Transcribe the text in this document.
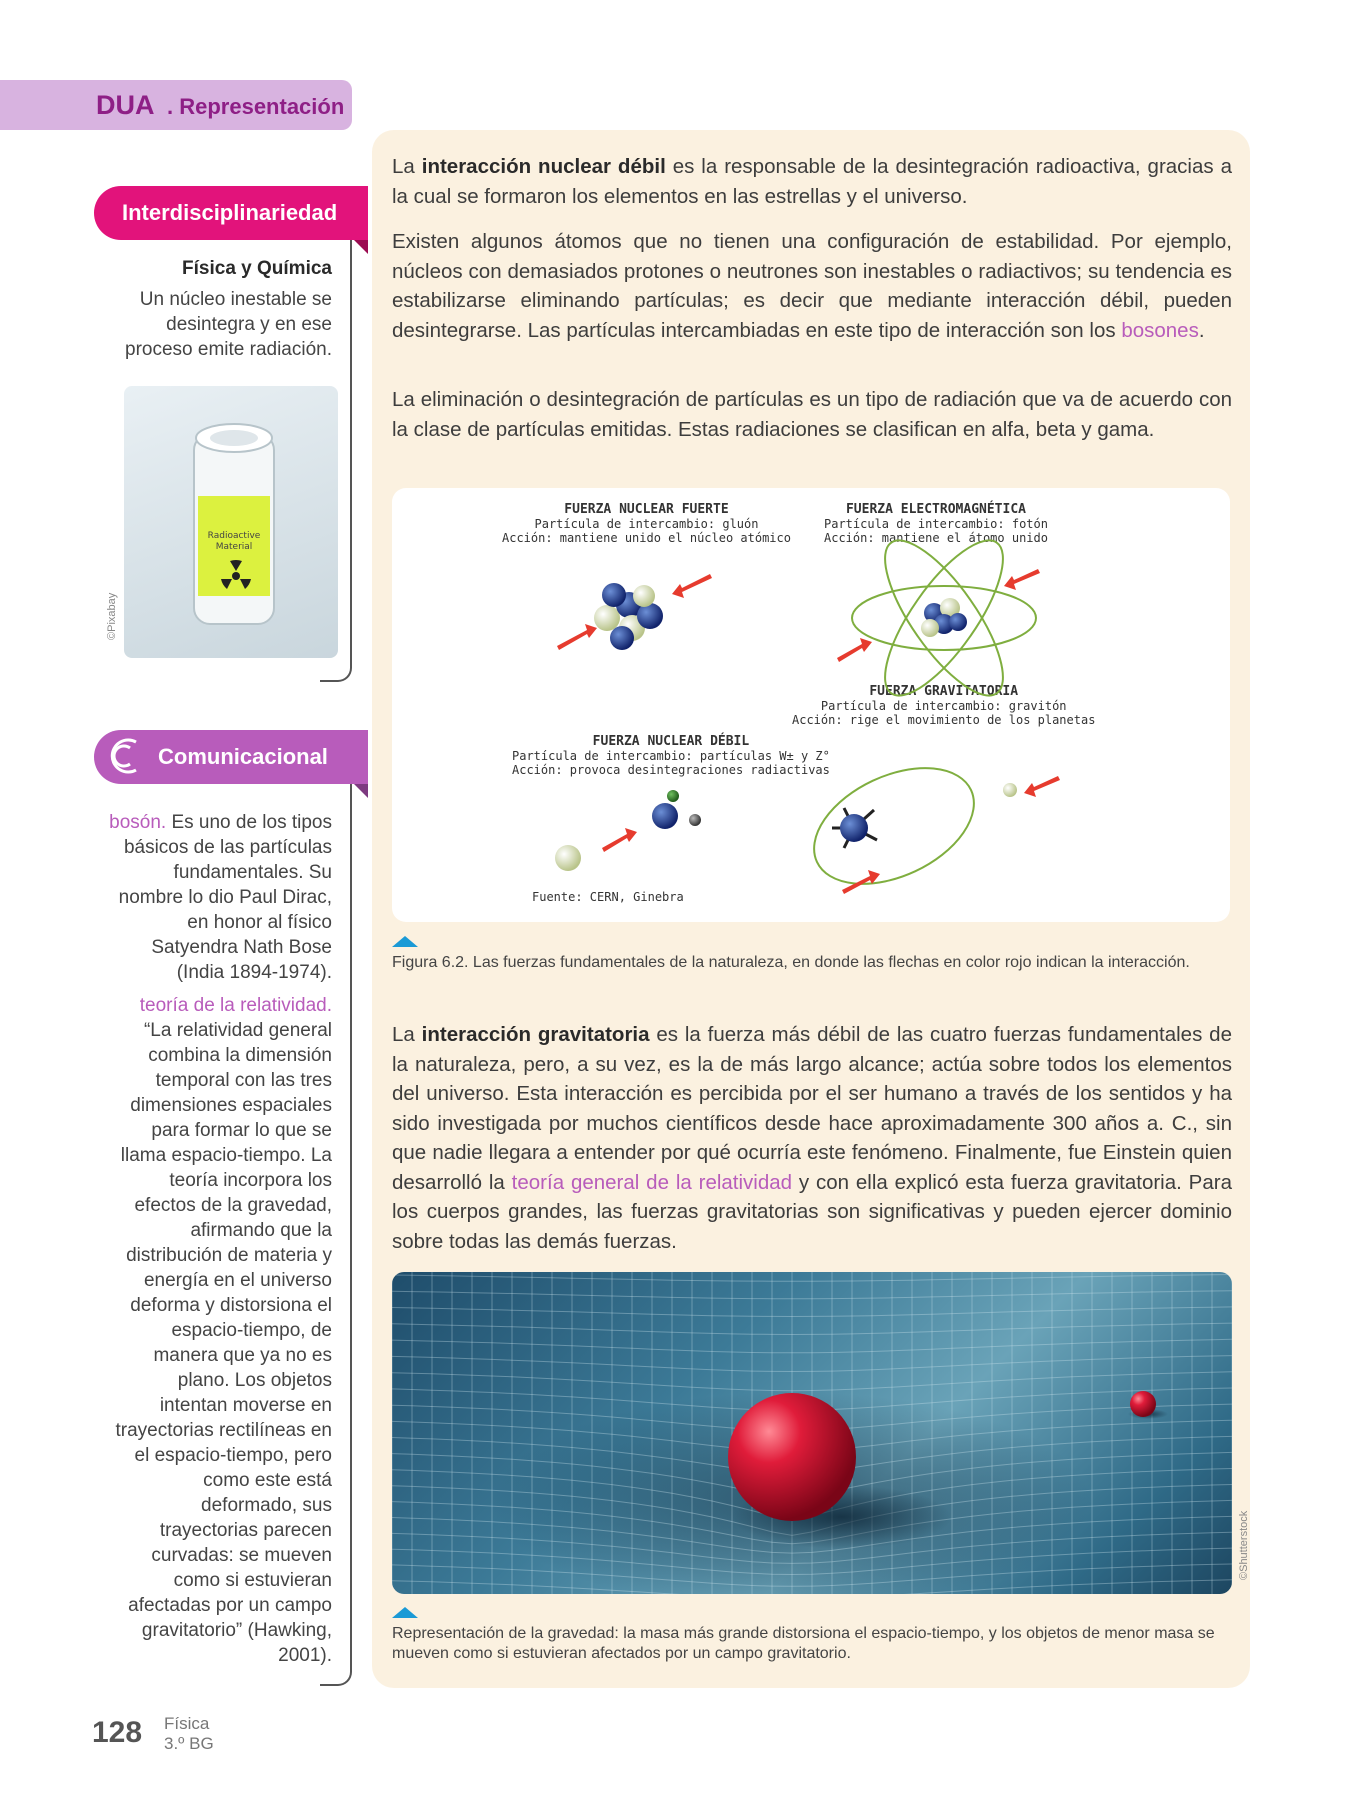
DUA . Representación
La interacción nuclear débil es la responsable de la desintegración radioactiva, gracias a la cual se formaron los elementos en las estrellas y el universo.
Existen algunos átomos que no tienen una configuración de estabilidad. Por ejemplo, núcleos con demasiados protones o neutrones son inestables o radiactivos; su tendencia es estabilizarse eliminando partículas; es decir que mediante interacción débil, pueden desintegrarse. Las partículas intercambiadas en este tipo de interacción son los bosones.
La eliminación o desintegración de partículas es un tipo de radiación que va de acuerdo con la clase de partículas emitidas. Estas radiaciones se clasifican en alfa, beta y gama.
FUERZA NUCLEAR FUERTE
Partícula de intercambio: gluón
Acción: mantiene unido el núcleo atómico
FUERZA ELECTROMAGNÉTICA
Partícula de intercambio: fotón
Acción: mantiene el átomo unido
FUERZA GRAVITATORIA
Partícula de intercambio: gravitón
Acción: rige el movimiento de los planetas
FUERZA NUCLEAR DÉBIL
Partícula de intercambio: partículas W± y Z°
Acción: provoca desintegraciones radiactivas
Fuente: CERN, Ginebra
Figura 6.2. Las fuerzas fundamentales de la naturaleza, en donde las flechas en color rojo indican la interacción.
La interacción gravitatoria es la fuerza más débil de las cuatro fuerzas fundamentales de la naturaleza, pero, a su vez, es la de más largo alcance; actúa sobre todos los elementos del universo. Esta interacción es percibida por el ser humano a través de los sentidos y ha sido investigada por muchos científicos desde hace aproximadamente 300 años a. C., sin que nadie llegara a entender por qué ocurría este fenómeno. Finalmente, fue Einstein quien desarrolló la teoría general de la relatividad y con ella explicó esta fuerza gravitatoria. Para los cuerpos grandes, las fuerzas gravitatorias son significativas y pueden ejercer dominio sobre todas las demás fuerzas.
©Shutterstock
Representación de la gravedad: la masa más grande distorsiona el espacio-tiempo, y los objetos de menor masa se mueven como si estuvieran afectados por un campo gravitatorio.
Interdisciplinariedad
Física y Química
Un núcleo inestable se
desintegra y en ese
proceso emite radiación.
Radioactive
Material
©Pixabay
Comunicacional
bosón. Es uno de los tipos
básicos de las partículas
fundamentales. Su
nombre lo dio Paul Dirac,
en honor al físico
Satyendra Nath Bose
(India 1894-1974).
teoría de la relatividad.
“La relatividad general
combina la dimensión
temporal con las tres
dimensiones espaciales
para formar lo que se
llama espacio-tiempo. La
teoría incorpora los
efectos de la gravedad,
afirmando que la
distribución de materia y
energía en el universo
deforma y distorsiona el
espacio-tiempo, de
manera que ya no es
plano. Los objetos
intentan moverse en
trayectorias rectilíneas en
el espacio-tiempo, pero
como este está
deformado, sus
trayectorias parecen
curvadas: se mueven
como si estuvieran
afectadas por un campo
gravitatorio” (Hawking,
2001).
128 Física
3.º BG
